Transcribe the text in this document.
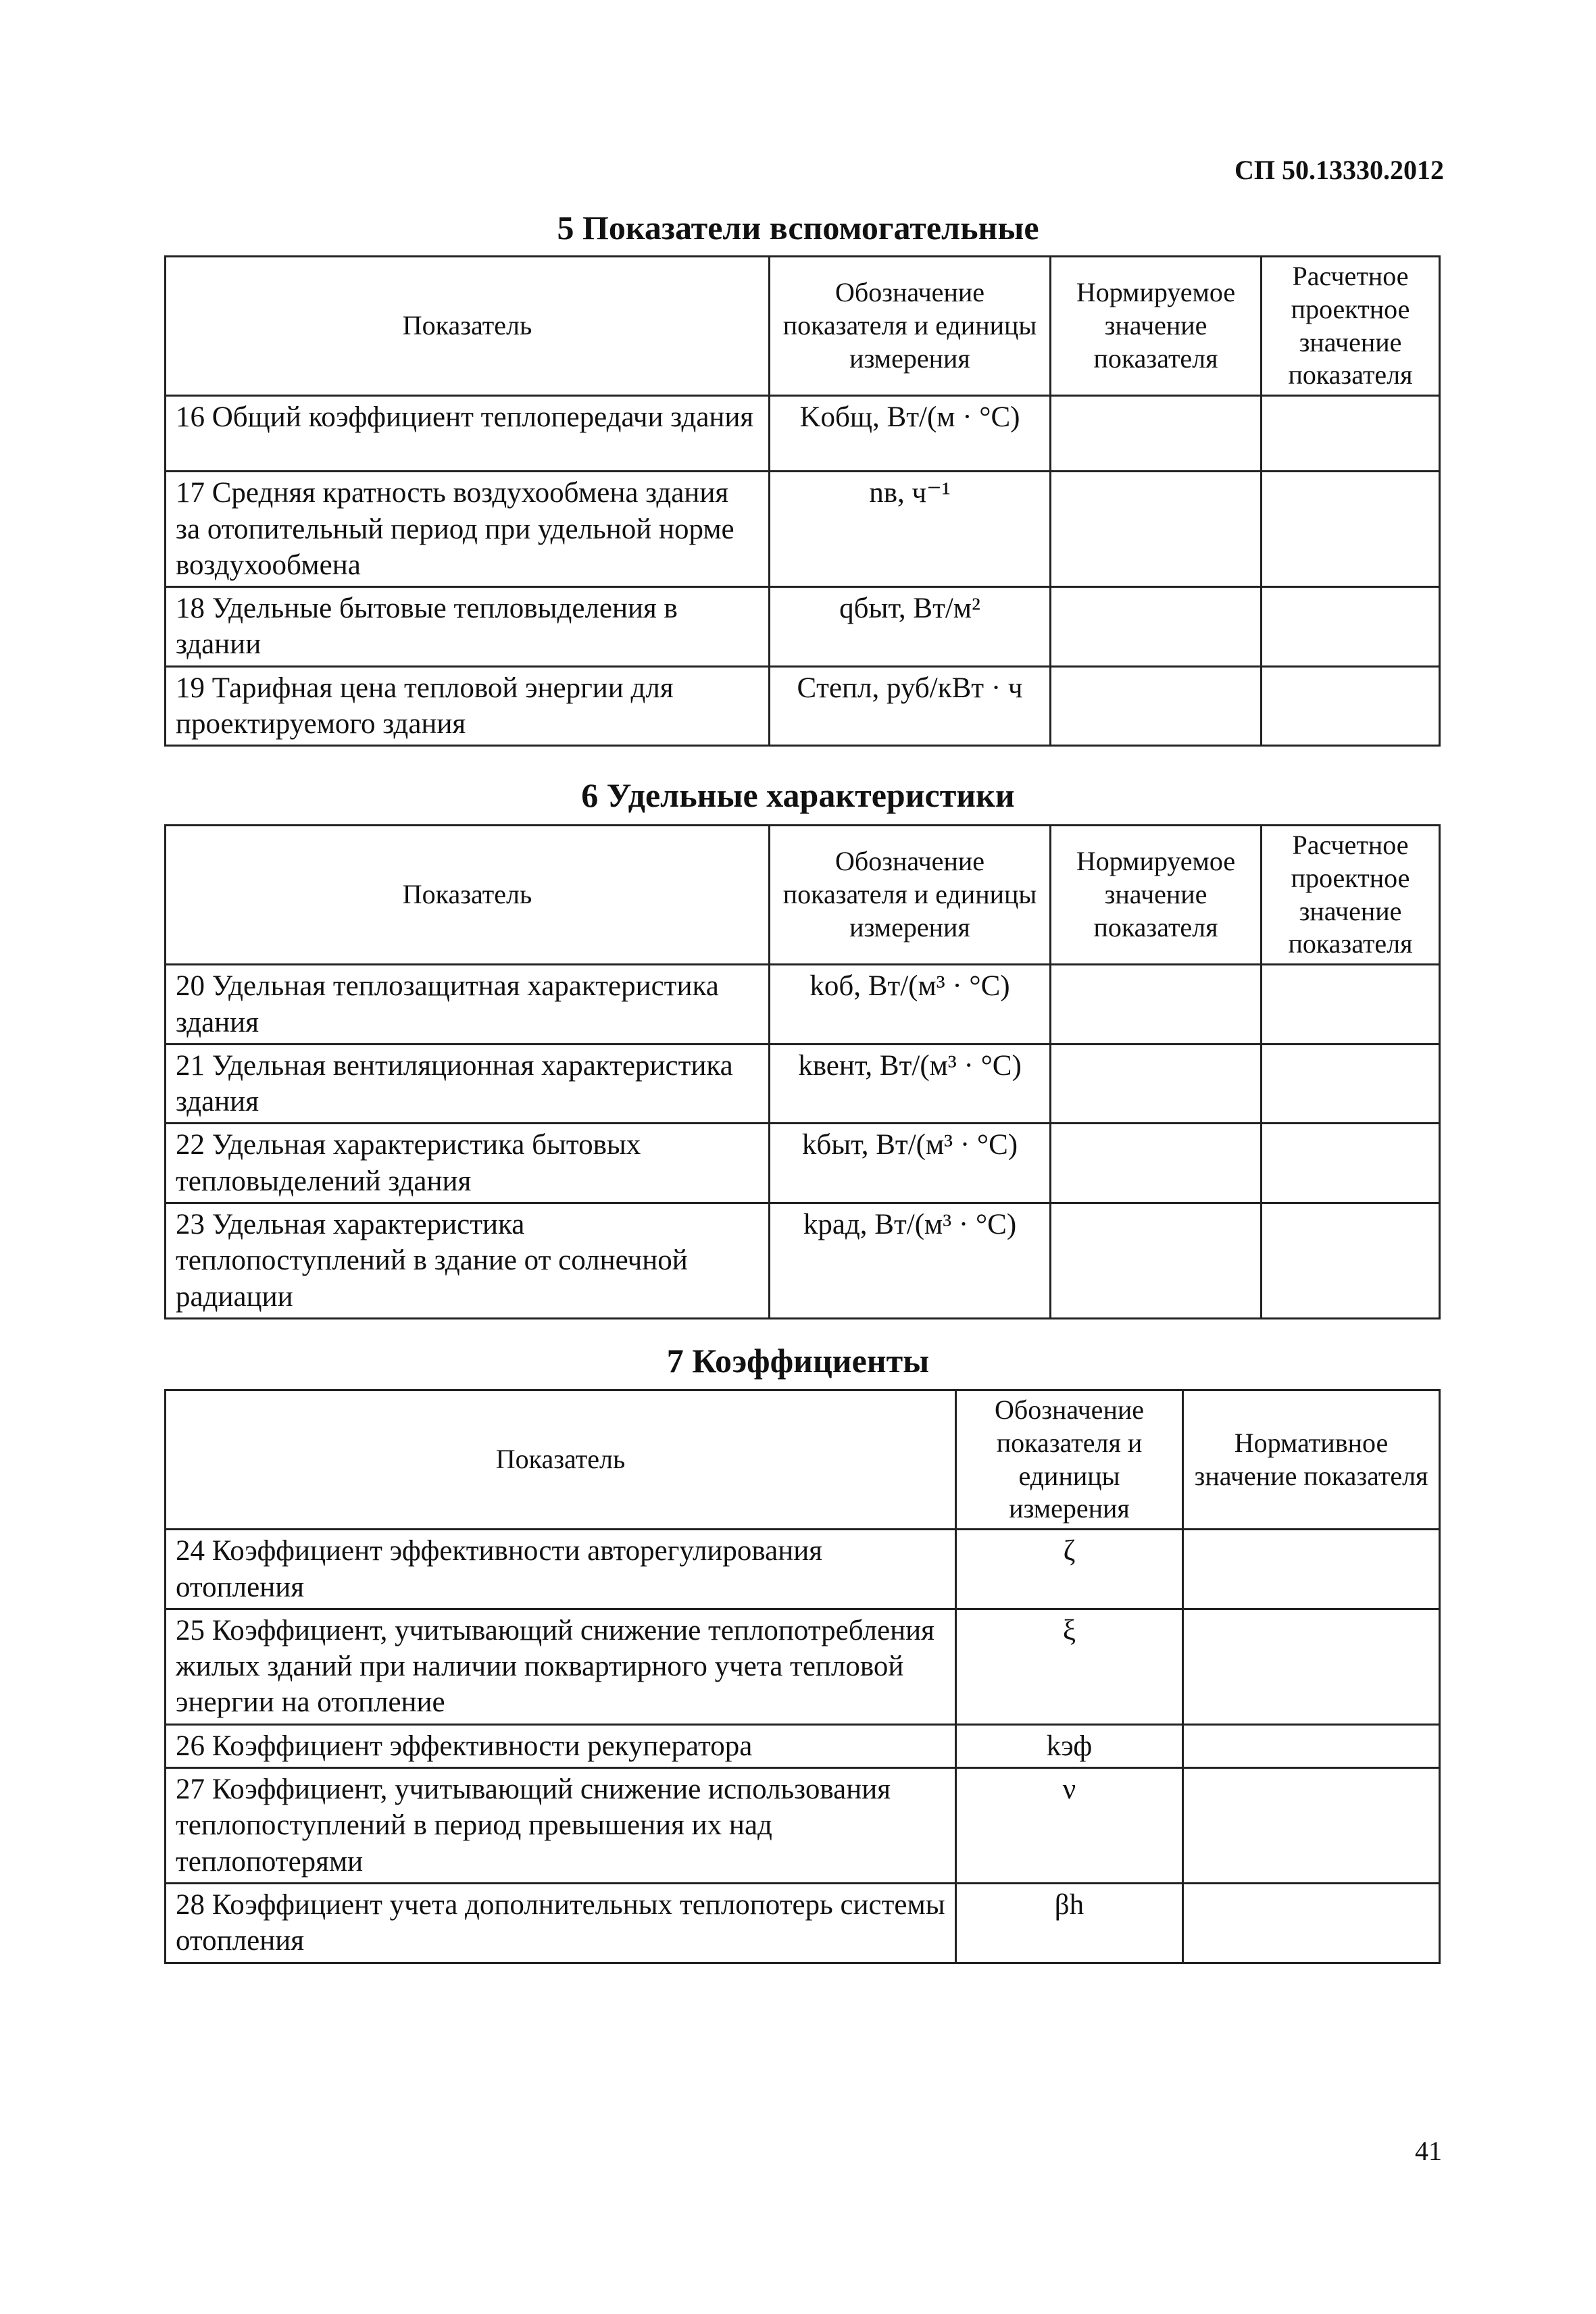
СП 50.13330.2012
5 Показатели вспомогательные
Показатель	Обозначение показателя и единицы измерения	Нормируемое значение показателя	Расчетное проектное значение показателя
16 Общий коэффициент теплопередачи здания	Kобщ, Вт/(м · °С)		
17 Средняя кратность воздухообмена здания за отопительный период при удельной норме воздухообмена	nв, ч⁻¹		
18 Удельные бытовые тепловыделения в здании	qбыт, Вт/м²		
19 Тарифная цена тепловой энергии для проектируемого здания	Cтепл, руб/кВт · ч		
6 Удельные характеристики
Показатель	Обозначение показателя и единицы измерения	Нормируемое значение показателя	Расчетное проектное значение показателя
20 Удельная теплозащитная характеристика здания	kоб, Вт/(м³ · °С)		
21 Удельная вентиляционная характеристика здания	kвент, Вт/(м³ · °С)		
22 Удельная характеристика бытовых тепловыделений здания	kбыт, Вт/(м³ · °С)		
23 Удельная характеристика теплопоступлений в здание от солнечной радиации	kрад, Вт/(м³ · °С)		
7 Коэффициенты
Показатель	Обозначение показателя и единицы измерения	Нормативное значение показателя
24 Коэффициент эффективности авторегулирования отопления	ζ	
25 Коэффициент, учитывающий снижение теплопотребления жилых зданий при наличии поквартирного учета тепловой энергии на отопление	ξ	
26 Коэффициент эффективности рекуператора	kэф	
27 Коэффициент, учитывающий снижение использования теплопоступлений в период превышения их над теплопотерями	ν	
28 Коэффициент учета дополнительных теплопотерь системы отопления	βh	
41
